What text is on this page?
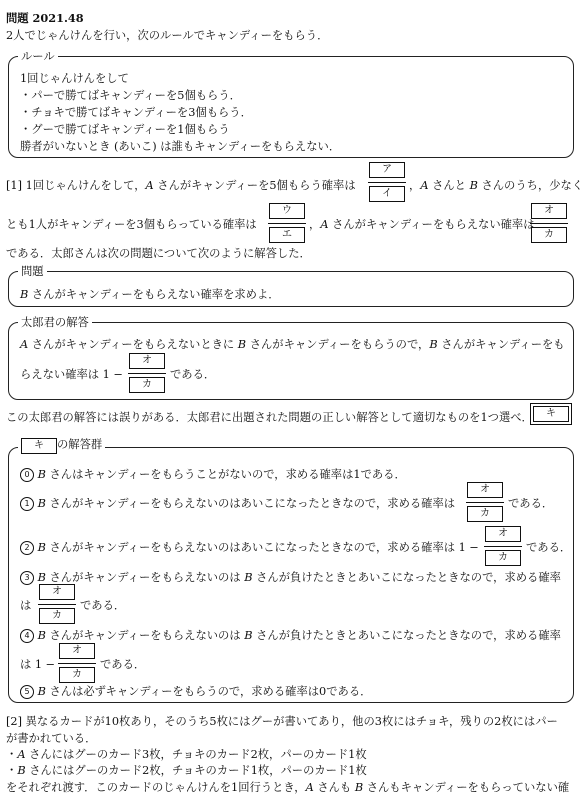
問題 2021.48
2人でじゃんけんを行い，次のルールでキャンディーをもらう．
ルール
1回じゃんけんをして
・パーで勝てばキャンディーを5個もらう．
・チョキで勝てばキャンディーを3個もらう．
・グーで勝てばキャンディーを1個もらう
勝者がいないとき (あいこ) は誰もキャンディーをもらえない．
[1] 1回じゃんけんをして，A さんがキャンディーを5個もらう確率は
ア
イ
，A さんと B さんのうち，少なく
とも1人がキャンディーを3個もらっている確率は
ウ
エ
，A さんがキャンディーをもらえない確率は
オ
カ
である．太郎さんは次の問題について次のように解答した．
問題
B さんがキャンディーをもらえない確率を求めよ．
太郎君の解答
A さんがキャンディーをもらえないときに B さんがキャンディーをもらうので，B さんがキャンディーをも
らえない確率は 1 −
オ
カ
である．
この太郎君の解答には誤りがある．太郎君に出題された問題の正しい解答として適切なものを1つ選べ．	キ
キ の解答群
0 B さんはキャンディーをもらうことがないので，求める確率は1である．
1 B さんがキャンディーをもらえないのはあいこになったときなので，求める確率は
オ
カ
である．
2 B さんがキャンディーをもらえないのはあいこになったときなので，求める確率は 1 −
オ
カ
である．
3 B さんがキャンディーをもらえないのは B さんが負けたときとあいこになったときなので，求める確率
は
オ
カ
である．
4 B さんがキャンディーをもらえないのは B さんが負けたときとあいこになったときなので，求める確率
は 1 −
オ
カ
である．
5 B さんは必ずキャンディーをもらうので，求める確率は0である．
[2] 異なるカードが10枚あり，そのうち5枚にはグーが書いてあり，他の3枚にはチョキ，残りの2枚にはパー
が書かれている．
・A さんにはグーのカード3枚，チョキのカード2枚，パーのカード1枚
・B さんにはグーのカード2枚，チョキのカード1枚，パーのカード1枚
をそれぞれ渡す．このカードのじゃんけんを1回行うとき，A さんも B さんもキャンディーをもらっていない確
